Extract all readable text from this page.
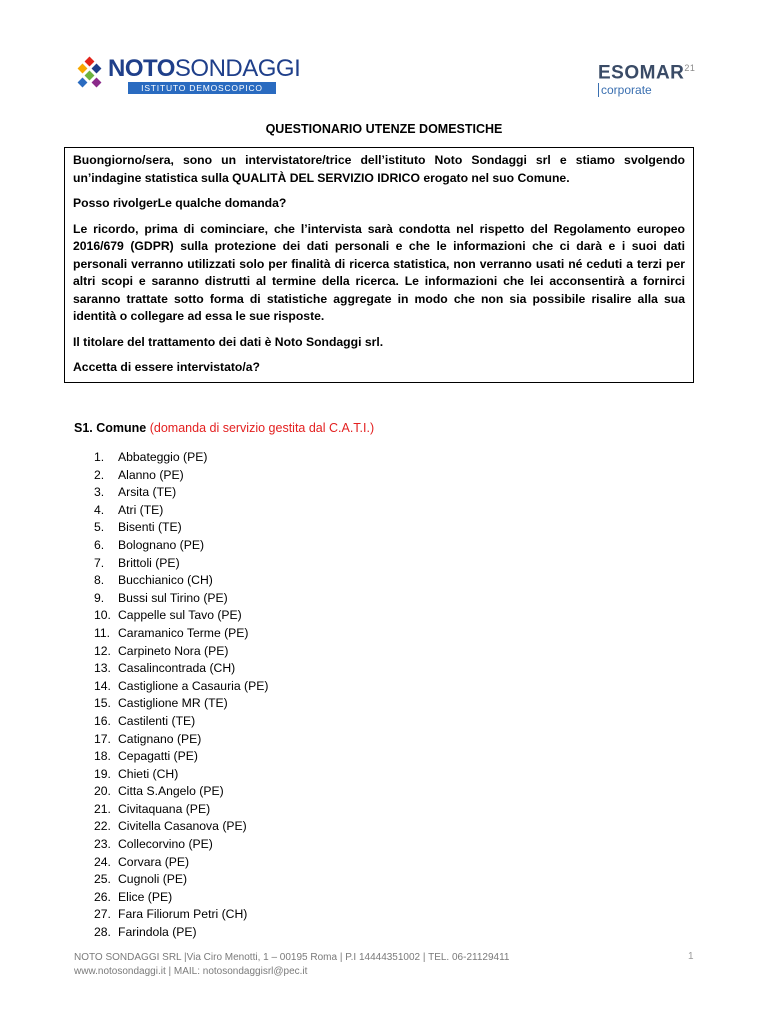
NOTOSONDAGGI
ISTITUTO DEMOSCOPICO
ESOMAR$^{21}$
corporate
QUESTIONARIO UTENZE DOMESTICHE

Buongiorno/sera, sono un intervistatore/trice dell’istituto Noto Sondaggi srl e stiamo svolgendo un’indagine statistica sulla QUALITÀ DEL SERVIZIO IDRICO erogato nel suo Comune.

Posso rivolgerLe qualche domanda?

Le ricordo, prima di cominciare, che l’intervista sarà condotta nel rispetto del Regolamento europeo 2016/679 (GDPR) sulla protezione dei dati personali e che le informazioni che ci darà e i suoi dati personali verranno utilizzati solo per finalità di ricerca statistica, non verranno usati né ceduti a terzi per altri scopi e saranno distrutti al termine della ricerca. Le informazioni che lei acconsentirà a fornirci saranno trattate sotto forma di statistiche aggregate in modo che non sia possibile risalire alla sua identità o collegare ad essa le sue risposte.

Il titolare del trattamento dei dati è Noto Sondaggi srl.

Accetta di essere intervistato/a?

S1. Comune (domanda di servizio gestita dal C.A.T.I.)
1. Abbateggio (PE)
2. Alanno (PE)
3. Arsita (TE)
4. Atri (TE)
5. Bisenti (TE)
6. Bolognano (PE)
7. Brittoli (PE)
8. Bucchianico (CH)
9. Bussi sul Tirino (PE)
10. Cappelle sul Tavo (PE)
11. Caramanico Terme (PE)
12. Carpineto Nora (PE)
13. Casalincontrada (CH)
14. Castiglione a Casauria (PE)
15. Castiglione MR (TE)
16. Castilenti (TE)
17. Catignano (PE)
18. Cepagatti (PE)
19. Chieti (CH)
20. Citta S.Angelo (PE)
21. Civitaquana (PE)
22. Civitella Casanova (PE)
23. Collecorvino (PE)
24. Corvara (PE)
25. Cugnoli (PE)
26. Elice (PE)
27. Fara Filiorum Petri (CH)
28. Farindola (PE)
NOTO SONDAGGI SRL |Via Ciro Menotti, 1 – 00195 Roma | P.I 14444351002 | TEL. 06-21129411
www.notosondaggi.it | MAIL: notosondaggisrl@pec.it
1
